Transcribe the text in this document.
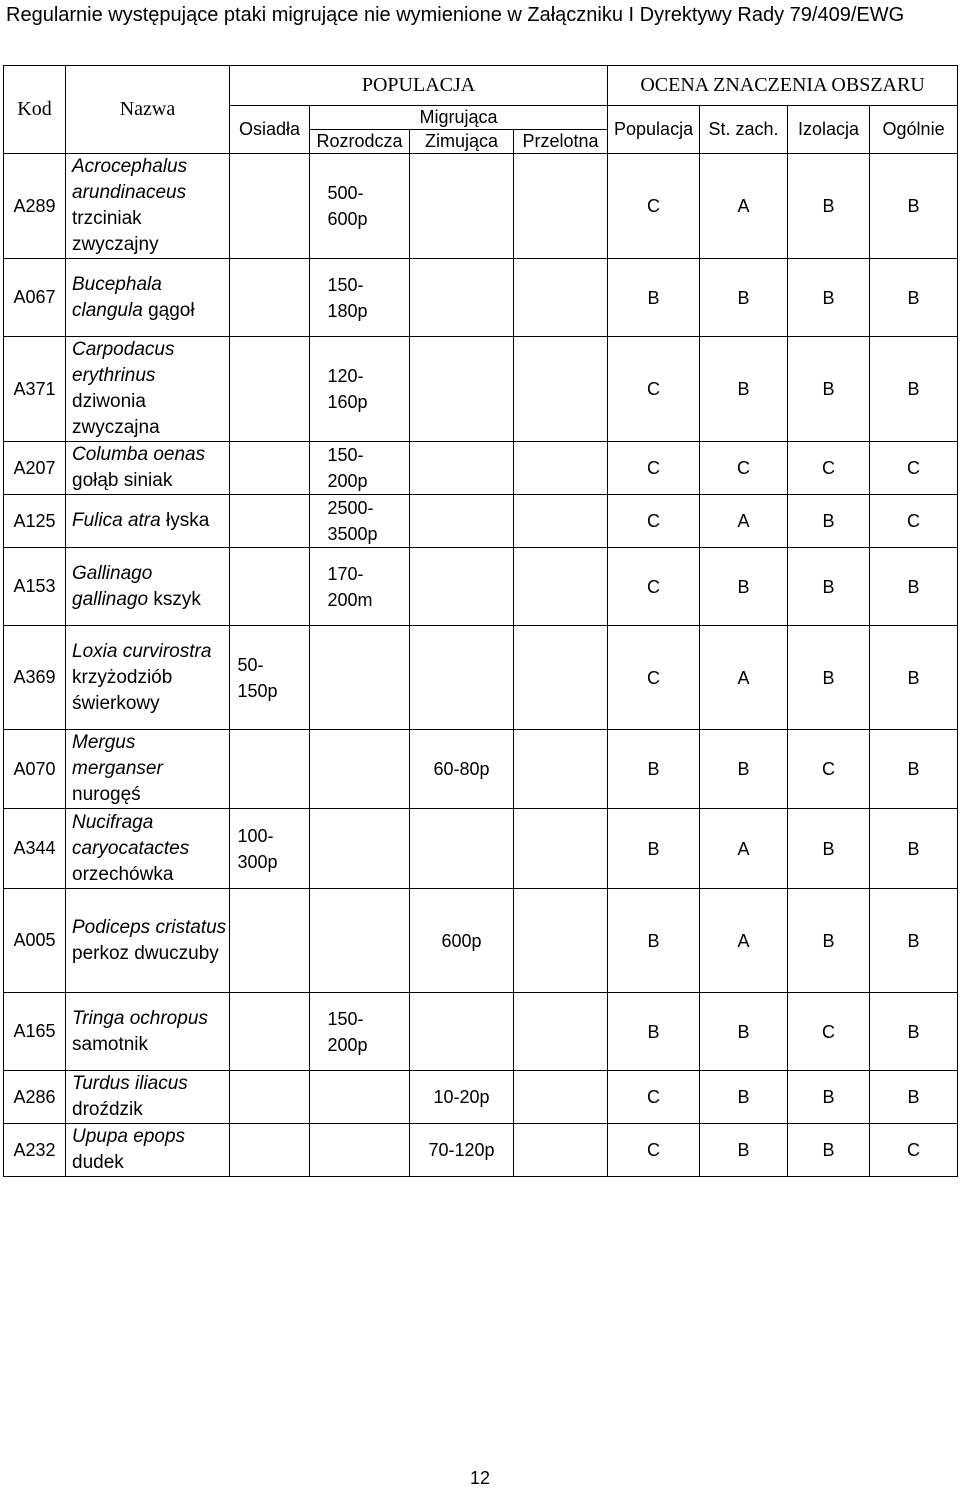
Regularnie występujące ptaki migrujące nie wymienione w Załączniku I Dyrektywy Rady 79/409/EWG
Kod	Nazwa	POPULACJA				OCENA ZNACZENIA OBSZARU			
		Osiadła	Migrująca			Populacja	St. zach.	Izolacja	Ogólnie
			Rozrodcza	Zimująca	Przelotna				
A289	Acrocephalus arundinaceus trzciniak zwyczajny		500-600p			C	A	B	B
A067	Bucephala clangula gągoł		150-180p			B	B	B	B
A371	Carpodacus erythrinus dziwonia zwyczajna		120-160p			C	B	B	B
A207	Columba oenas gołąb siniak		150-200p			C	C	C	C
A125	Fulica atra łyska		2500-3500p			C	A	B	C
A153	Gallinago gallinago kszyk		170-200m			C	B	B	B
A369	Loxia curvirostra krzyżodziób świerkowy	50-150p				C	A	B	B
A070	Mergus merganser nurogęś			60-80p		B	B	C	B
A344	Nucifraga caryocatactes orzechówka	100-300p				B	A	B	B
A005	Podiceps cristatus perkoz dwuczuby			600p		B	A	B	B
A165	Tringa ochropus samotnik		150-200p			B	B	C	B
A286	Turdus iliacus droździk			10-20p		C	B	B	B
A232	Upupa epops dudek			70-120p		C	B	B	C
12
